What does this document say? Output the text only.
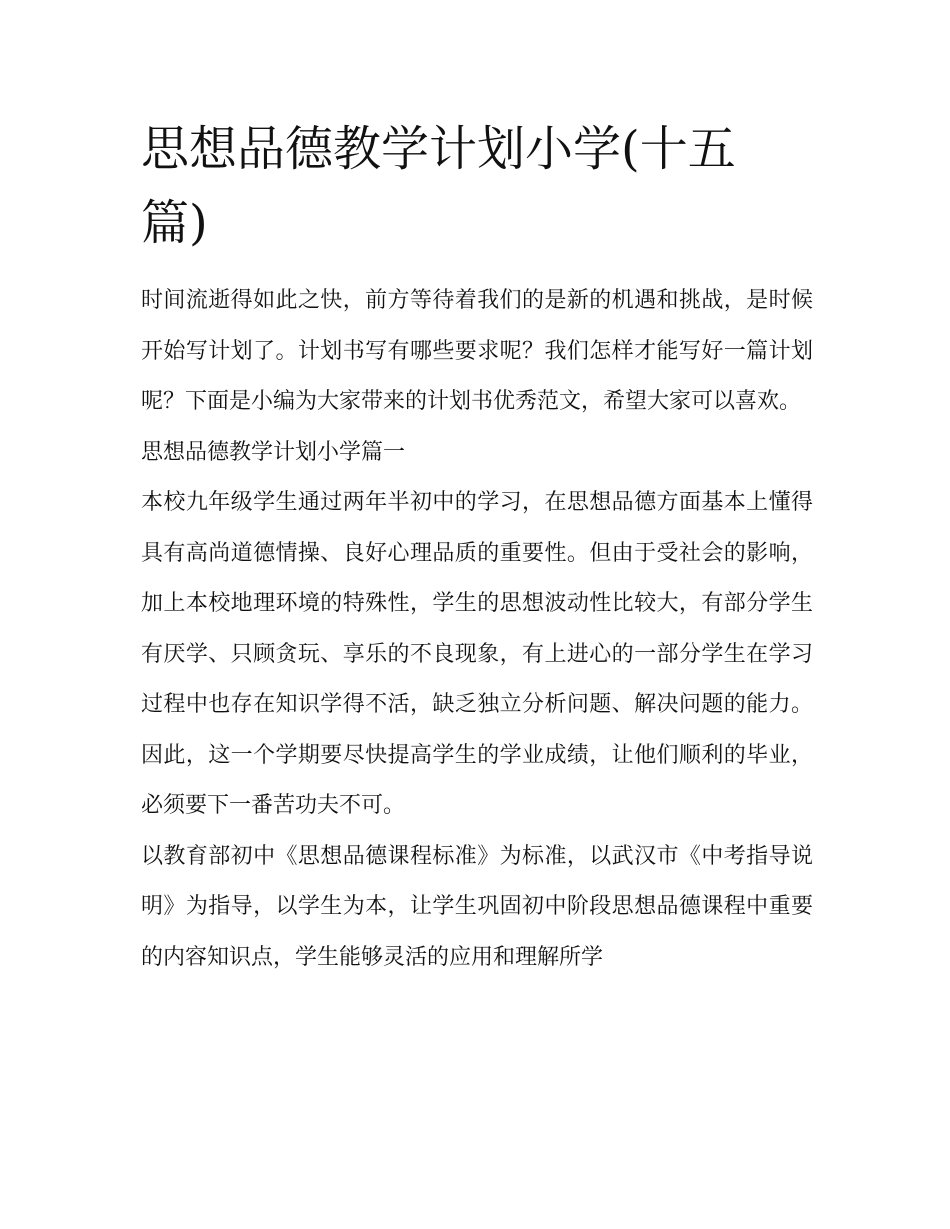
思想品德教学计划小学(十五篇)

时间流逝得如此之快，前方等待着我们的是新的机遇和挑战，是时候开始写计划了。计划书写有哪些要求呢？我们怎样才能写好一篇计划呢？下面是小编为大家带来的计划书优秀范文，希望大家可以喜欢。

思想品德教学计划小学篇一

本校九年级学生通过两年半初中的学习，在思想品德方面基本上懂得具有高尚道德情操、良好心理品质的重要性。但由于受社会的影响，加上本校地理环境的特殊性，学生的思想波动性比较大，有部分学生有厌学、只顾贪玩、享乐的不良现象，有上进心的一部分学生在学习过程中也存在知识学得不活，缺乏独立分析问题、解决问题的能力。因此，这一个学期要尽快提高学生的学业成绩，让他们顺利的毕业，必须要下一番苦功夫不可。

以教育部初中《思想品德课程标准》为标准，以武汉市《中考指导说明》为指导，以学生为本，让学生巩固初中阶段思想品德课程中重要的内容知识点，学生能够灵活的应用和理解所学
